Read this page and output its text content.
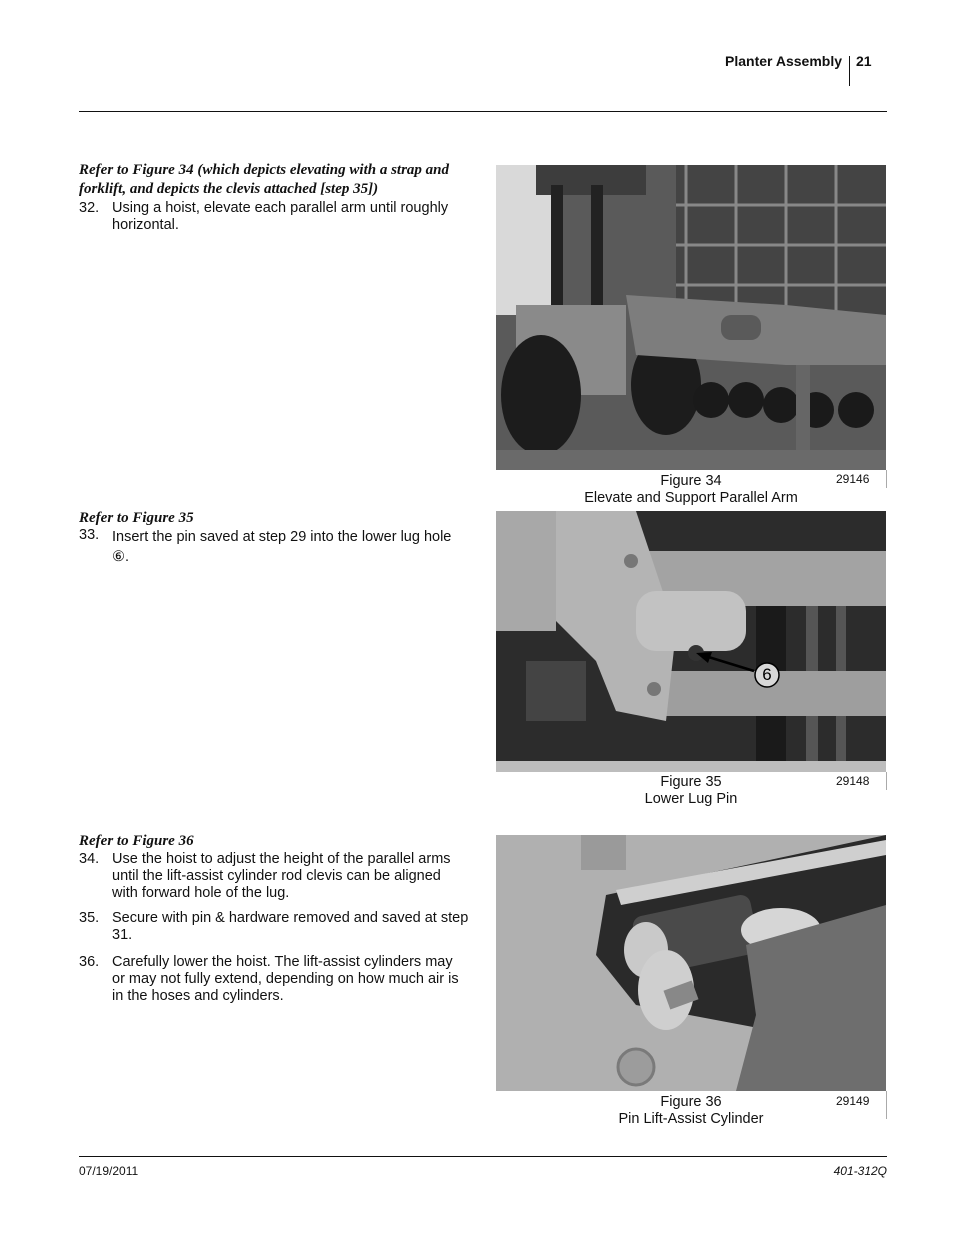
Planter Assembly 21
Refer to Figure 34 (which depicts elevating with a strap and forklift, and depicts the clevis attached [step 35])
32. Using a hoist, elevate each parallel arm until roughly horizontal.
Figure 34
Elevate and Support Parallel Arm
29146
Refer to Figure 35
33. Insert the pin saved at step 29 into the lower lug hole ⑥.
6
Figure 35
Lower Lug Pin
29148
Refer to Figure 36
34. Use the hoist to adjust the height of the parallel arms until the lift-assist cylinder rod clevis can be aligned with forward hole of the lug.
35. Secure with pin & hardware removed and saved at step 31.
36. Carefully lower the hoist. The lift-assist cylinders may or may not fully extend, depending on how much air is in the hoses and cylinders.
Figure 36
Pin Lift-Assist Cylinder
29149
07/19/2011	401-312Q
